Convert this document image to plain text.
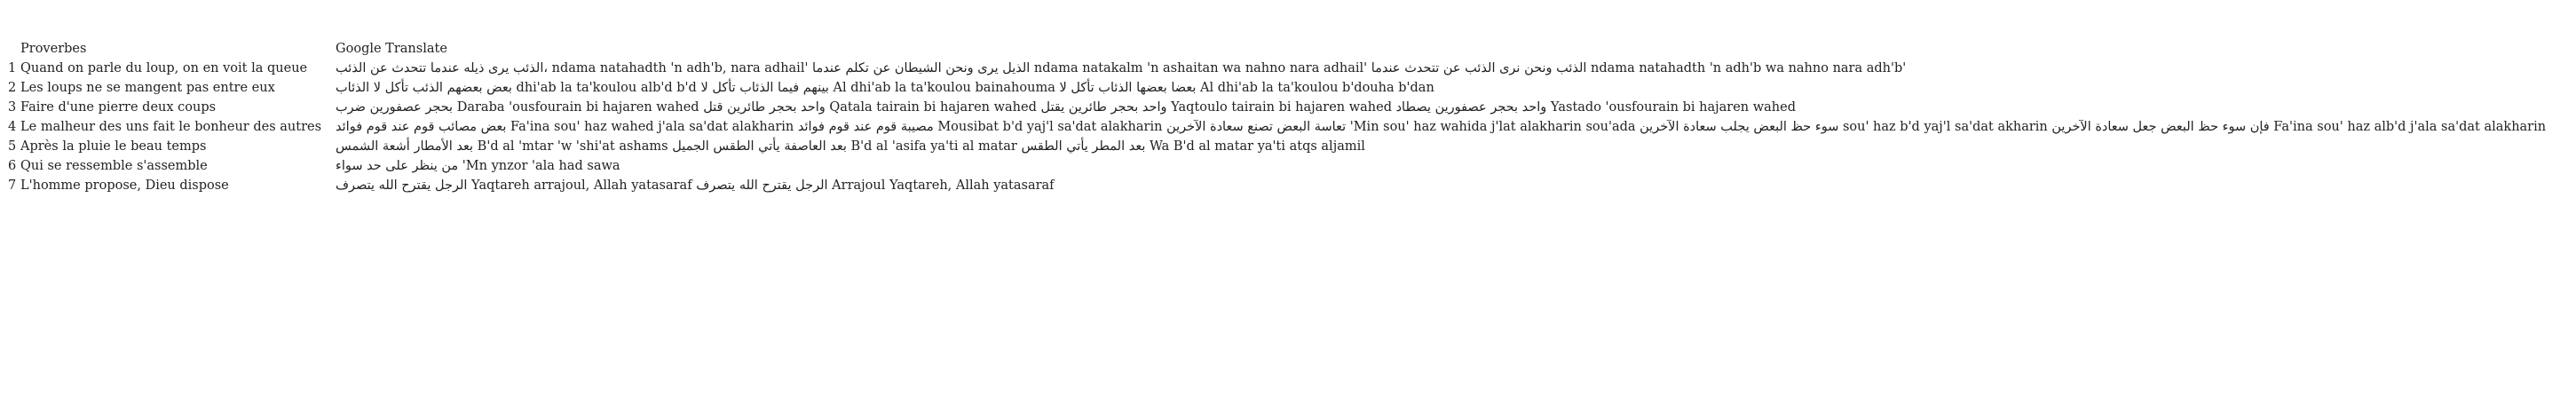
	Proverbes	Google Translate
1	Quand on parle du loup, on en voit la queue	الذئب يرى ذيله عندما تتحدث عن الذئب، ndama natahadth 'n adh'b, nara adhail' الذيل يرى ونحن الشيطان عن تكلم عندما ndama natakalm 'n ashaitan wa nahno nara adhail' الذئب ونحن نرى الذئب عن تتحدث عندما ndama natahadth 'n adh'b wa nahno nara adh'b'
2	Les loups ne se mangent pas entre eux	بعض بعضهم الذئب تأكل لا الذئاب dhi'ab la ta'koulou alb'd b'd بينهم فيما الذئاب تأكل لا Al dhi'ab la ta'koulou bainahouma بعضا بعضها الذئاب تأكل لا Al dhi'ab la ta'koulou b'douha b'dan
3	Faire d'une pierre deux coups	بحجر عصفورين ضرب Daraba 'ousfourain bi hajaren wahed واحد بحجر طائرين قتل Qatala tairain bi hajaren wahed واحد بحجر طائرين يقتل Yaqtoulo tairain bi hajaren wahed واحد بحجر عصفورين يصطاد Yastado 'ousfourain bi hajaren wahed
4	Le malheur des uns fait le bonheur des autres	بعض مصائب قوم عند قوم فوائد Fa'ina sou' haz wahed j'ala sa'dat alakharin مصيبة قوم عند قوم فوائد Mousibat b'd yaj'l sa'dat alakharin تعاسة البعض تصنع سعادة الآخرين 'Min sou' haz wahida j'lat alakharin sou'ada سوء حظ البعض يجلب سعادة الآخرين sou' haz b'd yaj'l sa'dat akharin فإن سوء حظ البعض جعل سعادة الآخرين Fa'ina sou' haz alb'd j'ala sa'dat alakharin
5	Après la pluie le beau temps	بعد الأمطار أشعة الشمس B'd al 'mtar 'w 'shi'at ashams بعد العاصفة يأتي الطقس الجميل B'd al 'asifa ya'ti al matar بعد المطر يأتي الطقس Wa B'd al matar ya'ti atqs aljamil
6	Qui se ressemble s'assemble	من ينظر على حد سواء 'Mn ynzor 'ala had sawa
7	L'homme propose, Dieu dispose	الرجل يقترح الله يتصرف Yaqtareh arrajoul, Allah yatasaraf الرجل يقترح الله يتصرف Arrajoul Yaqtareh, Allah yatasaraf
